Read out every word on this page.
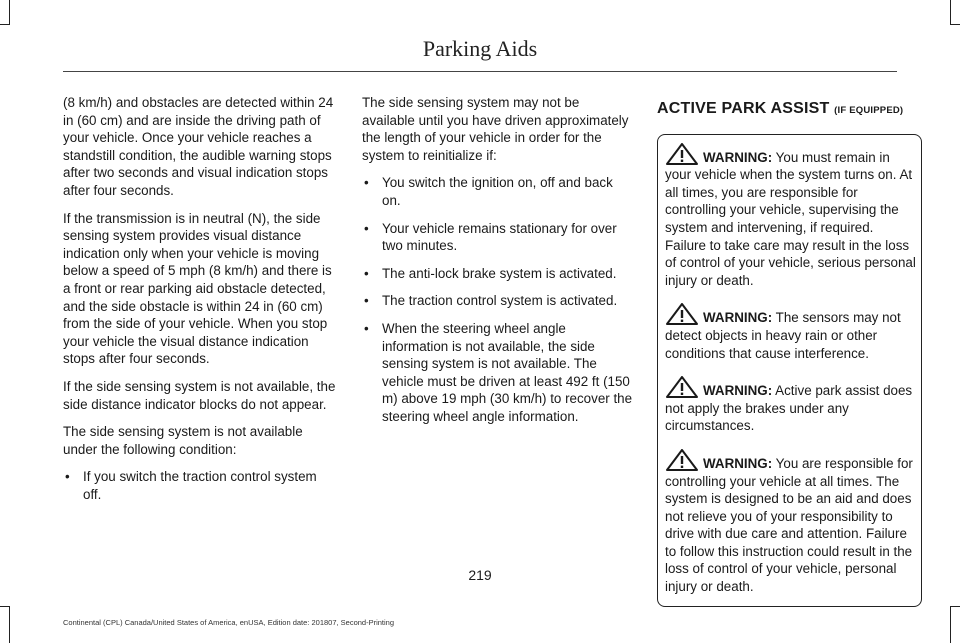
Parking Aids

(8 km/h) and obstacles are detected within 24 in (60 cm) and are inside the driving path of your vehicle. Once your vehicle reaches a standstill condition, the audible warning stops after two seconds and visual indication stops after four seconds.

If the transmission is in neutral (N), the side sensing system provides visual distance indication only when your vehicle is moving below a speed of 5 mph (8 km/h) and there is a front or rear parking aid obstacle detected, and the side obstacle is within 24 in (60 cm) from the side of your vehicle. When you stop your vehicle the visual distance indication stops after four seconds.

If the side sensing system is not available, the side distance indicator blocks do not appear.

The side sensing system is not available under the following condition:

• If you switch the traction control system off.

The side sensing system may not be available until you have driven approximately the length of your vehicle in order for the system to reinitialize if:

• You switch the ignition on, off and back on.
• Your vehicle remains stationary for over two minutes.
• The anti-lock brake system is activated.
• The traction control system is activated.
• When the steering wheel angle information is not available, the side sensing system is not available. The vehicle must be driven at least 492 ft (150 m) above 19 mph (30 km/h) to recover the steering wheel angle information.
ACTIVE PARK ASSIST (IF EQUIPPED)
WARNING: You must remain in your vehicle when the system turns on. At all times, you are responsible for controlling your vehicle, supervising the system and intervening, if required. Failure to take care may result in the loss of control of your vehicle, serious personal injury or death.
WARNING: The sensors may not detect objects in heavy rain or other conditions that cause interference.
WARNING: Active park assist does not apply the brakes under any circumstances.
WARNING: You are responsible for controlling your vehicle at all times. The system is designed to be an aid and does not relieve you of your responsibility to drive with due care and attention. Failure to follow this instruction could result in the loss of control of your vehicle, personal injury or death.
219
Continental (CPL) Canada/United States of America, enUSA, Edition date: 201807, Second-Printing
